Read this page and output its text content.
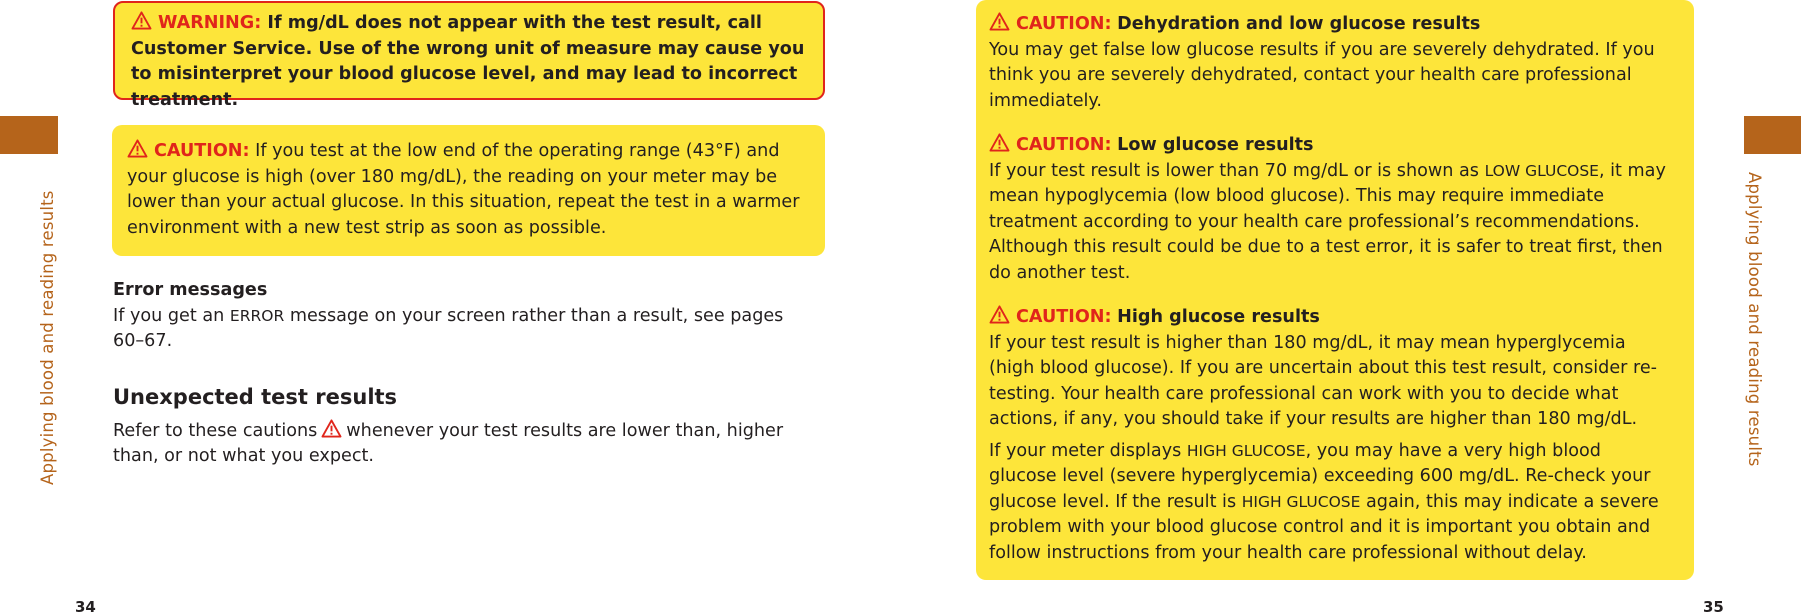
Applying blood and reading results

WARNING: If mg/dL does not appear with the test result, call Customer Service. Use of the wrong unit of measure may cause you to misinterpret your blood glucose level, and may lead to incorrect treatment.

CAUTION: If you test at the low end of the operating range (43°F) and your glucose is high (over 180 mg/dL), the reading on your meter may be lower than your actual glucose. In this situation, repeat the test in a warmer environment with a new test strip as soon as possible.

Error messages

If you get an ERROR message on your screen rather than a result, see pages 60–67.

Unexpected test results

Refer to these cautions whenever your test results are lower than, higher than, or not what you expect.

34

CAUTION: Dehydration and low glucose results

You may get false low glucose results if you are severely dehydrated. If you think you are severely dehydrated, contact your health care professional immediately.

CAUTION: Low glucose results

If your test result is lower than 70 mg/dL or is shown as LOW GLUCOSE, it may mean hypoglycemia (low blood glucose). This may require immediate treatment according to your health care professional’s recommendations. Although this result could be due to a test error, it is safer to treat first, then do another test.

CAUTION: High glucose results

If your test result is higher than 180 mg/dL, it may mean hyperglycemia (high blood glucose). If you are uncertain about this test result, consider re-testing. Your health care professional can work with you to decide what actions, if any, you should take if your results are higher than 180 mg/dL.

If your meter displays HIGH GLUCOSE, you may have a very high blood glucose level (severe hyperglycemia) exceeding 600 mg/dL. Re-check your glucose level. If the result is HIGH GLUCOSE again, this may indicate a severe problem with your blood glucose control and it is important you obtain and follow instructions from your health care professional without delay.

Applying blood and reading results
35
